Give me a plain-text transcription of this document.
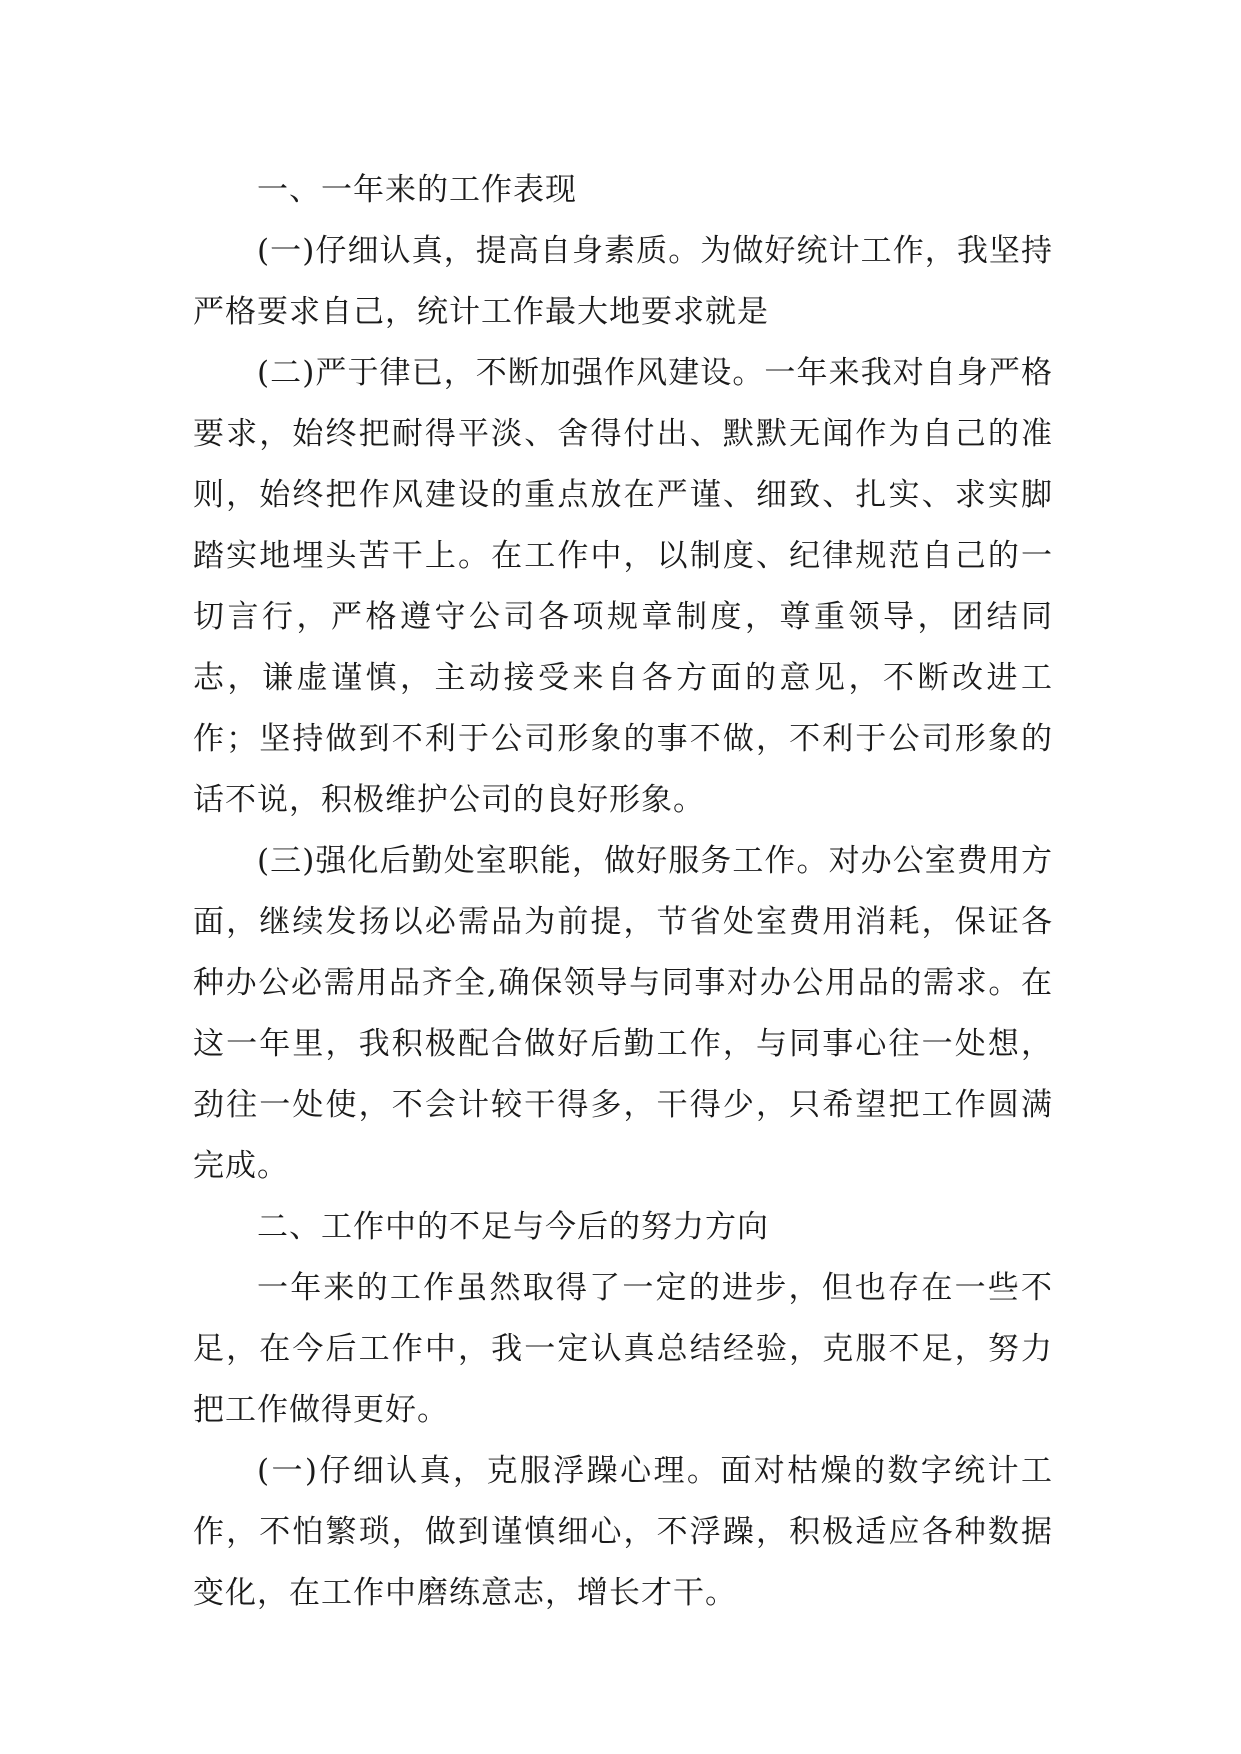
一、一年来的工作表现

(一)仔细认真，提高自身素质。为做好统计工作，我坚持严格要求自己，统计工作最大地要求就是

(二)严于律已，不断加强作风建设。一年来我对自身严格要求，始终把耐得平淡、舍得付出、默默无闻作为自己的准则，始终把作风建设的重点放在严谨、细致、扎实、求实脚踏实地埋头苦干上。在工作中，以制度、纪律规范自己的一切言行，严格遵守公司各项规章制度，尊重领导，团结同志，谦虚谨慎，主动接受来自各方面的意见，不断改进工作；坚持做到不利于公司形象的事不做，不利于公司形象的话不说，积极维护公司的良好形象。

(三)强化后勤处室职能，做好服务工作。对办公室费用方面，继续发扬以必需品为前提，节省处室费用消耗，保证各种办公必需用品齐全,确保领导与同事对办公用品的需求。在这一年里，我积极配合做好后勤工作，与同事心往一处想，劲往一处使，不会计较干得多，干得少，只希望把工作圆满完成。

二、工作中的不足与今后的努力方向

一年来的工作虽然取得了一定的进步，但也存在一些不足，在今后工作中，我一定认真总结经验，克服不足，努力把工作做得更好。

(一)仔细认真，克服浮躁心理。面对枯燥的数字统计工作，不怕繁琐，做到谨慎细心，不浮躁，积极适应各种数据变化，在工作中磨练意志，增长才干。
